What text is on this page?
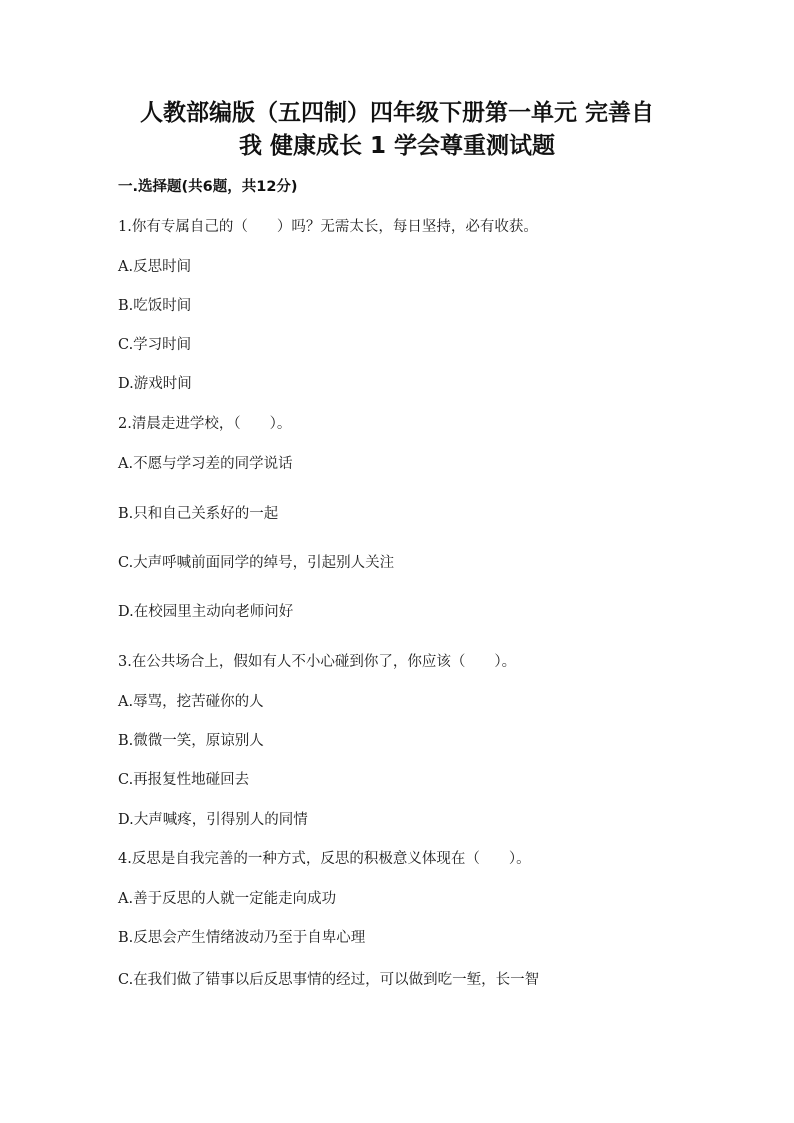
人教部编版（五四制）四年级下册第一单元 完善自
我 健康成长 1 学会尊重测试题
一.选择题(共6题，共12分)
1.你有专属自己的（　　）吗？无需太长，每日坚持，必有收获。
A.反思时间
B.吃饭时间
C.学习时间
D.游戏时间
2.清晨走进学校，（　　）。
A.不愿与学习差的同学说话
B.只和自己关系好的一起
C.大声呼喊前面同学的绰号，引起别人关注
D.在校园里主动向老师问好
3.在公共场合上，假如有人不小心碰到你了，你应该（　　）。
A.辱骂，挖苦碰你的人
B.微微一笑，原谅别人
C.再报复性地碰回去
D.大声喊疼，引得别人的同情
4.反思是自我完善的一种方式，反思的积极意义体现在（　　）。
A.善于反思的人就一定能走向成功
B.反思会产生情绪波动乃至于自卑心理
C.在我们做了错事以后反思事情的经过，可以做到吃一堑，长一智
